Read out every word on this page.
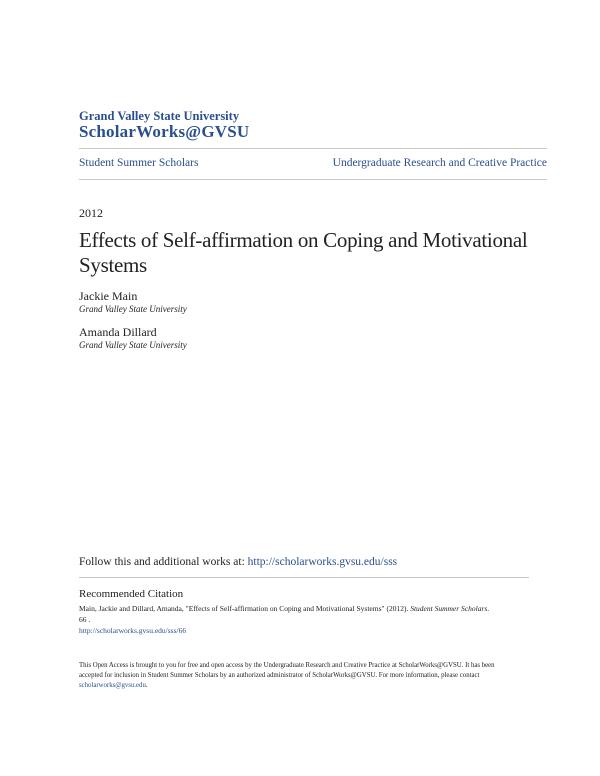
Grand Valley State University
ScholarWorks@GVSU
Student Summer Scholars	Undergraduate Research and Creative Practice
2012
Effects of Self-affirmation on Coping and Motivational Systems
Jackie Main
Grand Valley State University
Amanda Dillard
Grand Valley State University
Follow this and additional works at: http://scholarworks.gvsu.edu/sss
Recommended Citation
Main, Jackie and Dillard, Amanda, "Effects of Self-affirmation on Coping and Motivational Systems" (2012). Student Summer Scholars.
66 .
http://scholarworks.gvsu.edu/sss/66
This Open Access is brought to you for free and open access by the Undergraduate Research and Creative Practice at ScholarWorks@GVSU. It has been accepted for inclusion in Student Summer Scholars by an authorized administrator of ScholarWorks@GVSU. For more information, please contact scholarworks@gvsu.edu.
